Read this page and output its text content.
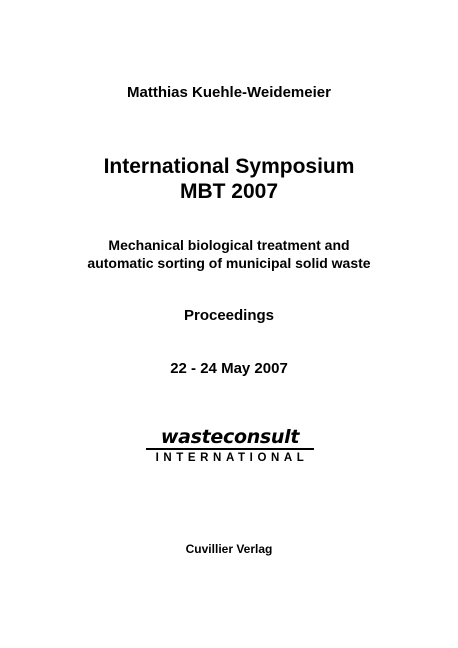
Matthias Kuehle-Weidemeier
International Symposium
MBT 2007
Mechanical biological treatment and
automatic sorting of municipal solid waste
Proceedings
22 - 24 May 2007
wasteconsult
INTERNATIONAL
Cuvillier Verlag
